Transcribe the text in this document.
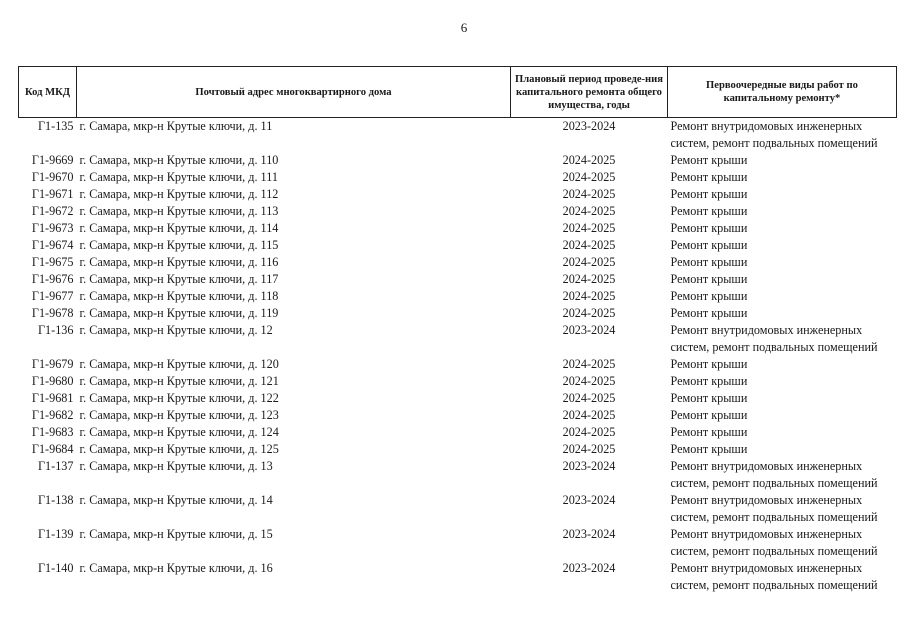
6
Код МКД	Почтовый адрес многоквартирного дома	Плановый период проведе-ния капитального ремонта общего имущества, годы	Первоочередные виды работ по капитальному ремонту*
Г1-135	г. Самара, мкр-н Крутые ключи, д. 11	2023-2024	Ремонт внутридомовых инженерных систем, ремонт подвальных помещений
Г1-9669	г. Самара, мкр-н Крутые ключи, д. 110	2024-2025	Ремонт крыши
Г1-9670	г. Самара, мкр-н Крутые ключи, д. 111	2024-2025	Ремонт крыши
Г1-9671	г. Самара, мкр-н Крутые ключи, д. 112	2024-2025	Ремонт крыши
Г1-9672	г. Самара, мкр-н Крутые ключи, д. 113	2024-2025	Ремонт крыши
Г1-9673	г. Самара, мкр-н Крутые ключи, д. 114	2024-2025	Ремонт крыши
Г1-9674	г. Самара, мкр-н Крутые ключи, д. 115	2024-2025	Ремонт крыши
Г1-9675	г. Самара, мкр-н Крутые ключи, д. 116	2024-2025	Ремонт крыши
Г1-9676	г. Самара, мкр-н Крутые ключи, д. 117	2024-2025	Ремонт крыши
Г1-9677	г. Самара, мкр-н Крутые ключи, д. 118	2024-2025	Ремонт крыши
Г1-9678	г. Самара, мкр-н Крутые ключи, д. 119	2024-2025	Ремонт крыши
Г1-136	г. Самара, мкр-н Крутые ключи, д. 12	2023-2024	Ремонт внутридомовых инженерных систем, ремонт подвальных помещений
Г1-9679	г. Самара, мкр-н Крутые ключи, д. 120	2024-2025	Ремонт крыши
Г1-9680	г. Самара, мкр-н Крутые ключи, д. 121	2024-2025	Ремонт крыши
Г1-9681	г. Самара, мкр-н Крутые ключи, д. 122	2024-2025	Ремонт крыши
Г1-9682	г. Самара, мкр-н Крутые ключи, д. 123	2024-2025	Ремонт крыши
Г1-9683	г. Самара, мкр-н Крутые ключи, д. 124	2024-2025	Ремонт крыши
Г1-9684	г. Самара, мкр-н Крутые ключи, д. 125	2024-2025	Ремонт крыши
Г1-137	г. Самара, мкр-н Крутые ключи, д. 13	2023-2024	Ремонт внутридомовых инженерных систем, ремонт подвальных помещений
Г1-138	г. Самара, мкр-н Крутые ключи, д. 14	2023-2024	Ремонт внутридомовых инженерных систем, ремонт подвальных помещений
Г1-139	г. Самара, мкр-н Крутые ключи, д. 15	2023-2024	Ремонт внутридомовых инженерных систем, ремонт подвальных помещений
Г1-140	г. Самара, мкр-н Крутые ключи, д. 16	2023-2024	Ремонт внутридомовых инженерных систем, ремонт подвальных помещений
